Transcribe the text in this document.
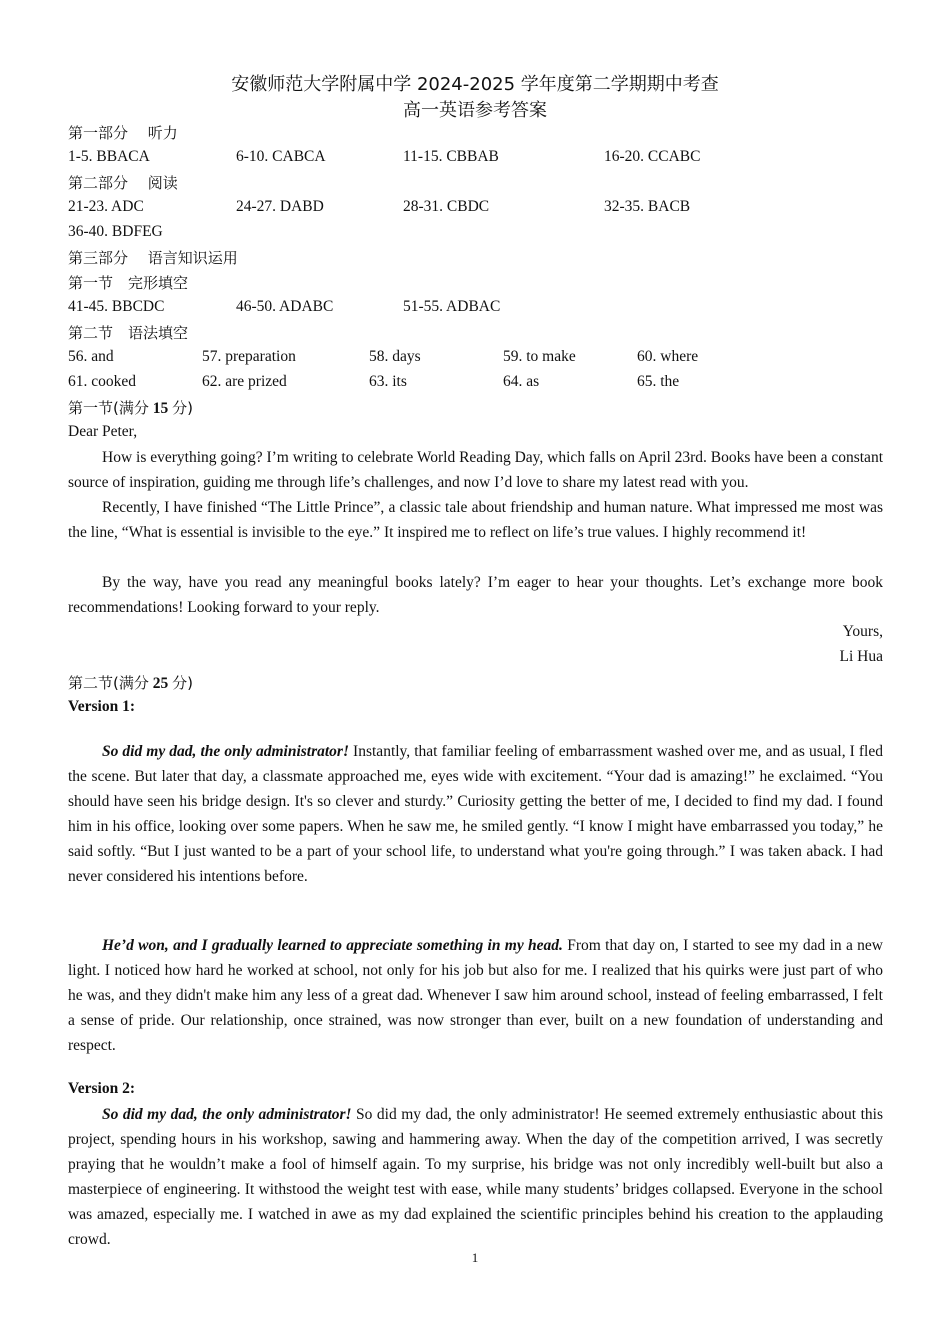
安徽师范大学附属中学 2024-2025 学年度第二学期期中考查
高一英语参考答案
第一部分　 听力
1-5. BBACA	6-10. CABCA	11-15. CBBAB	16-20. CCABC
第二部分　 阅读
21-23. ADC	24-27. DABD	28-31. CBDC	32-35. BACB
36-40. BDFEG
第三部分　 语言知识运用
第一节　完形填空
41-45. BBCDC	46-50. ADABC	51-55. ADBAC
第二节　语法填空
56. and	57. preparation	58. days	59. to make	60. where
61. cooked	62. are prized	63. its	64. as	65. the
第一节(满分 15 分)
Dear Peter,
How is everything going? I’m writing to celebrate World Reading Day, which falls on April 23rd. Books have been a constant source of inspiration, guiding me through life’s challenges, and now I’d love to share my latest read with you.
Recently, I have finished “The Little Prince”, a classic tale about friendship and human nature. What impressed me most was the line, “What is essential is invisible to the eye.” It inspired me to reflect on life’s true values. I highly recommend it!
By the way, have you read any meaningful books lately? I’m eager to hear your thoughts. Let’s exchange more book recommendations! Looking forward to your reply.
Yours,
Li Hua
第二节(满分 25 分)
Version 1:
So did my dad, the only administrator! Instantly, that familiar feeling of embarrassment washed over me, and as usual, I fled the scene. But later that day, a classmate approached me, eyes wide with excitement. “Your dad is amazing!” he exclaimed. “You should have seen his bridge design. It's so clever and sturdy.” Curiosity getting the better of me, I decided to find my dad. I found him in his office, looking over some papers. When he saw me, he smiled gently. “I know I might have embarrassed you today,” he said softly. “But I just wanted to be a part of your school life, to understand what you're going through.” I was taken aback. I had never considered his intentions before.
He’d won, and I gradually learned to appreciate something in my head. From that day on, I started to see my dad in a new light. I noticed how hard he worked at school, not only for his job but also for me. I realized that his quirks were just part of who he was, and they didn't make him any less of a great dad. Whenever I saw him around school, instead of feeling embarrassed, I felt a sense of pride. Our relationship, once strained, was now stronger than ever, built on a new foundation of understanding and respect.
Version 2:
So did my dad, the only administrator! So did my dad, the only administrator! He seemed extremely enthusiastic about this project, spending hours in his workshop, sawing and hammering away. When the day of the competition arrived, I was secretly praying that he wouldn’t make a fool of himself again. To my surprise, his bridge was not only incredibly well-built but also a masterpiece of engineering. It withstood the weight test with ease, while many students’ bridges collapsed. Everyone in the school was amazed, especially me. I watched in awe as my dad explained the scientific principles behind his creation to the applauding crowd.
1
